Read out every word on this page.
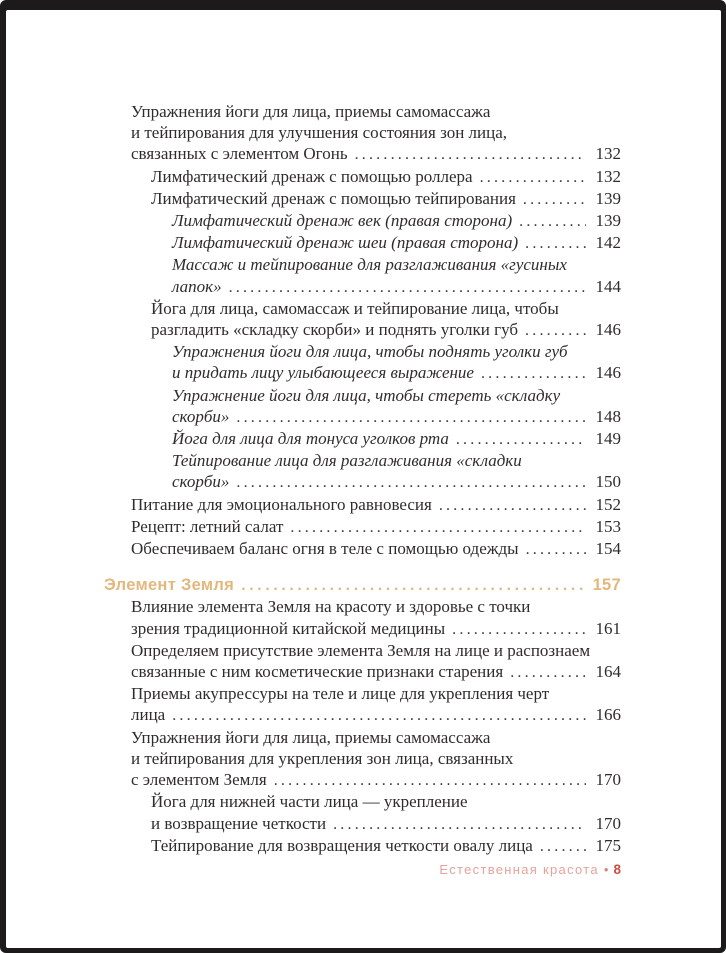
Упражнения йоги для лица, приемы самомассажа
и тейпирования для улучшения состояния зон лица,
связанных с элементом Огонь .....	132
Лимфатический дренаж с помощью роллера .....	132
Лимфатический дренаж с помощью тейпирования .....	139
Лимфатический дренаж век (правая сторона) .....	139
Лимфатический дренаж шеи (правая сторона) .....	142
Массаж и тейпирование для разглаживания «гусиных
лапок» .....	144
Йога для лица, самомассаж и тейпирование лица, чтобы
разгладить «складку скорби» и поднять уголки губ .....	146
Упражнения йоги для лица, чтобы поднять уголки губ
и придать лицу улыбающееся выражение .....	146
Упражнение йоги для лица, чтобы стереть «складку
скорби» .....	148
Йога для лица для тонуса уголков рта .....	149
Тейпирование лица для разглаживания «складки
скорби» .....	150
Питание для эмоционального равновесия .....	152
Рецепт: летний салат .....	153
Обеспечиваем баланс огня в теле с помощью одежды .....	154
Элемент Земля .....	157
Влияние элемента Земля на красоту и здоровье с точки
зрения традиционной китайской медицины .....	161
Определяем присутствие элемента Земля на лице и распознаем
связанные с ним косметические признаки старения .....	164
Приемы акупрессуры на теле и лице для укрепления черт
лица .....	166
Упражнения йоги для лица, приемы самомассажа
и тейпирования для укрепления зон лица, связанных
с элементом Земля .....	170
Йога для нижней части лица — укрепление
и возвращение четкости .....	170
Тейпирование для возвращения четкости овалу лица .....	175
Естественная красота • 8
